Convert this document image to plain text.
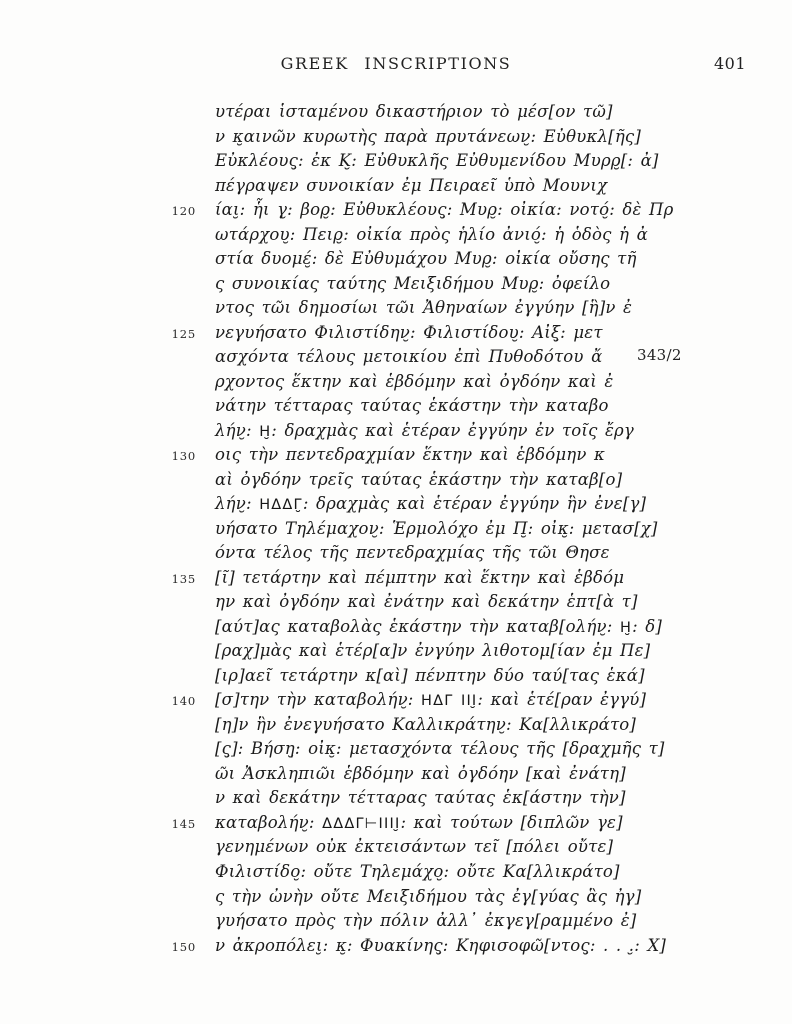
GREEK INSCRIPTIONS	401
υτέραι ἱσταμένου δικαστήριον τὸ μέσ[ον τῶ]
ν κ̮αινῶν κυρωτὴς παρὰ πρυτάνεων̮: Εὐθυκλ[ῆς]
Εὐκλέους̮: ἐκ Κ̮: Εὐθυκλῆς Εὐθυμενίδου Μυρρ̮[: ἀ]
πέγραψεν συνοικίαν ἐμ Πειραεῖ ὑπὸ Μουνιχ
120 ίαι̮: ἧι γ̮: βορ̮: Εὐθυκλέους̮: Μυρ̮: οἰκία: νοτό̮: δὲ Πρ
ωτάρχου̮: Πειρ̮: οἰκία πρὸς ἡλίο ἀνιό̮: ἡ ὁδὸς ἡ ἀ
στία δυομέ̮: δὲ Εὐθυμάχου Μυρ̮: οἰκία οὔσης τῆ
ς συνοικίας ταύτης Μειξιδήμου Μυρ̮: ὀφείλο
ντος τῶι δημοσίωι τῶι Ἀθηναίων ἐγγύην [ἣ]ν ἐ
125 νεγυήσατο Φιλιστίδην̮: Φιλιστίδου̮: Αἰξ̮: μετ
ασχόντα τέλους μετοικίου ἐπὶ Πυθοδότου ἄ
ρχοντος ἕκτην καὶ ἑβδόμην καὶ ὀγδόην καὶ ἐ
νάτην τέτταρας ταύτας ἑκάστην τὴν καταβο
λήν̮: Η̮: δραχμὰς καὶ ἑτέραν ἐγγύην ἐν τοῖς ἔργ
130 οις τὴν πεντεδραχμίαν ἕκτην καὶ ἑβδόμην κ
αὶ ὀγδόην τρεῖς ταύτας ἑκάστην τὴν καταβ[ο]
λήν̮: ΗΔΔΓ̮: δραχμὰς καὶ ἑτέραν ἐγγύην ἣν ἐνε[γ]
υήσατο Τηλέμαχον̮: Ἑρμολόχο ἐμ Π̮: οἰκ̮: μετασ[χ]
όντα τέλος τῆς πεντεδραχμίας τῆς τῶι Θησε
135 [ῖ] τετάρτην καὶ πέμπτην καὶ ἕκτην καὶ ἑβδόμ
ην καὶ ὀγδόην καὶ ἐνάτην καὶ δεκάτην ἑπτ[ὰ τ]
[αύτ]ας καταβολὰς ἑκάστην τὴν καταβ[ολήν̮: Η̮: δ]
[ραχ]μὰς καὶ ἑτέρ[α]ν ἐνγύην λιθοτομ[ίαν ἐμ Πε]
[ιρ]αεῖ τετάρτην κ[αὶ] πένπτην δύο ταύ[τας ἑκά]
140 [σ]την τὴν καταβολήν̮: ΗΔΓ ΙΙΙ̮: καὶ ἑτέ[ραν ἐγγύ]
[η]ν ἣν ἐνεγυήσατο Καλλικράτην̮: Κα[λλικράτο]
[ς̮]: Βήση̮: οἰκ̮: μετασχόντα τέλους τῆς [δραχμῆς τ]
ῶι Ἀσκληπιῶι ἑβδόμην καὶ ὀγδόην [καὶ ἐνάτη]
ν καὶ δεκάτην τέτταρας ταύτας ἑκ[άστην τὴν]
145 καταβολήν̮: ΔΔΔΓ⊢ΙΙΙΙ̮: καὶ τούτων [διπλῶν γε]
γενημένων οὐκ ἐκτεισάντων τεῖ [πόλει οὔτε]
Φιλιστίδο̮: οὔτε Τηλεμάχο̮: οὔτε Κα[λλικράτο]
ς τὴν ὠνὴν οὔτε Μειξιδήμου τὰς ἐγ[γύας ἃς ἠγ]
γυήσατο πρὸς τὴν πόλιν ἀλλ᾽ ἐκγεγ[ραμμένο ἐ]
150 ν ἀκροπόλει̮: κ̮: Φυακίνης̮: Κηφισοφῶ[ντος̮: . . .̮: Χ]
343/2
